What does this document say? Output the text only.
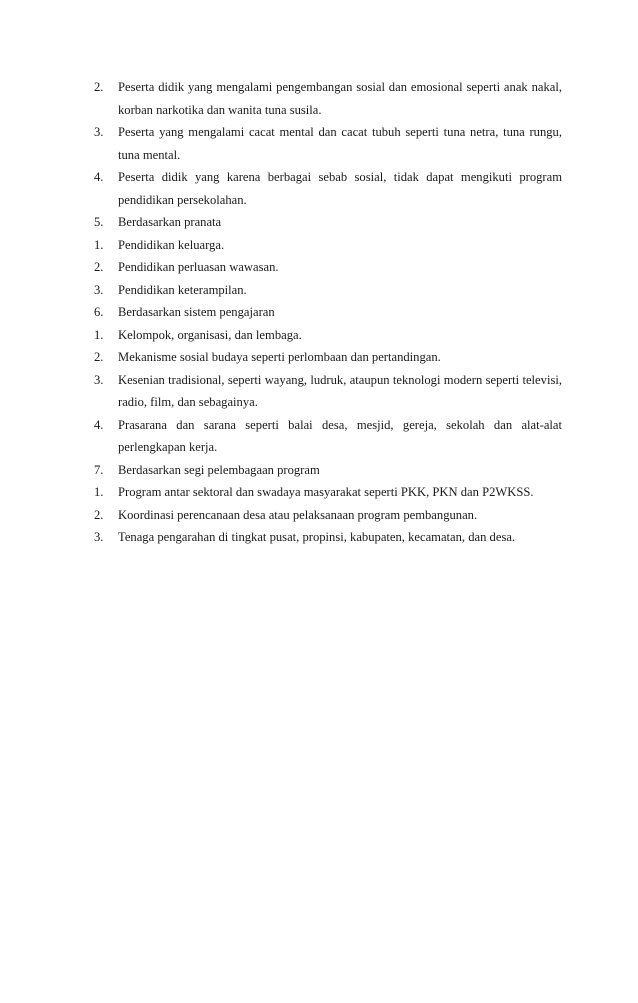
2.	Peserta didik yang mengalami pengembangan sosial dan emosional seperti anak nakal, korban narkotika dan wanita tuna susila.
3.	Peserta yang mengalami cacat mental dan cacat tubuh seperti tuna netra, tuna rungu, tuna mental.
4.	Peserta didik yang karena berbagai sebab sosial, tidak dapat mengikuti program pendidikan persekolahan.
5.	Berdasarkan pranata
1.	Pendidikan keluarga.
2.	Pendidikan perluasan wawasan.
3.	Pendidikan keterampilan.
6.	Berdasarkan sistem pengajaran
1.	Kelompok, organisasi, dan lembaga.
2.	Mekanisme sosial budaya seperti perlombaan dan pertandingan.
3.	Kesenian tradisional, seperti wayang, ludruk, ataupun teknologi modern seperti televisi, radio, film, dan sebagainya.
4.	Prasarana dan sarana seperti balai desa, mesjid, gereja, sekolah dan alat-alat perlengkapan kerja.
7.	Berdasarkan segi pelembagaan program
1.	Program antar sektoral dan swadaya masyarakat seperti PKK, PKN dan P2WKSS.
2.	Koordinasi perencanaan desa atau pelaksanaan program pembangunan.
3.	Tenaga pengarahan di tingkat pusat, propinsi, kabupaten, kecamatan, dan desa.
